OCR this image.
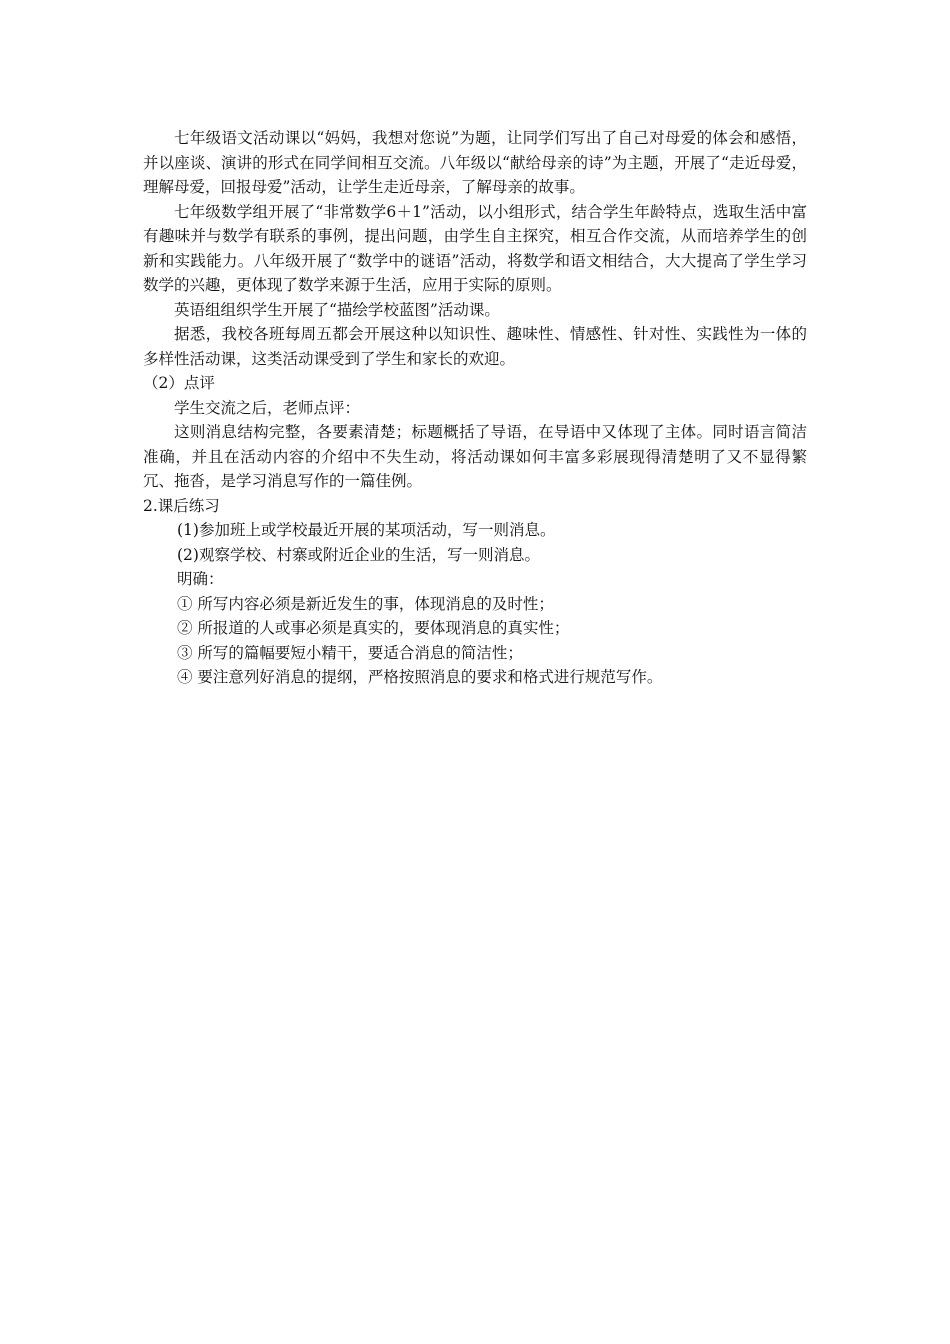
七年级语文活动课以“妈妈，我想对您说”为题，让同学们写出了自己对母爱的体会和感悟，并以座谈、演讲的形式在同学间相互交流。八年级以“献给母亲的诗”为主题，开展了“走近母爱，理解母爱，回报母爱”活动，让学生走近母亲，了解母亲的故事。

七年级数学组开展了“非常数学6＋1”活动，以小组形式，结合学生年龄特点，选取生活中富有趣味并与数学有联系的事例，提出问题，由学生自主探究，相互合作交流，从而培养学生的创新和实践能力。八年级开展了“数学中的谜语”活动，将数学和语文相结合，大大提高了学生学习数学的兴趣，更体现了数学来源于生活，应用于实际的原则。

英语组组织学生开展了“描绘学校蓝图”活动课。

据悉，我校各班每周五都会开展这种以知识性、趣味性、情感性、针对性、实践性为一体的多样性活动课，这类活动课受到了学生和家长的欢迎。

（2）点评

学生交流之后，老师点评：

这则消息结构完整，各要素清楚；标题概括了导语，在导语中又体现了主体。同时语言简洁准确，并且在活动内容的介绍中不失生动，将活动课如何丰富多彩展现得清楚明了又不显得繁冗、拖沓，是学习消息写作的一篇佳例。

2.课后练习

(1)参加班上或学校最近开展的某项活动，写一则消息。

(2)观察学校、村寨或附近企业的生活，写一则消息。

明确：

① 所写内容必须是新近发生的事，体现消息的及时性；

② 所报道的人或事必须是真实的，要体现消息的真实性；

③ 所写的篇幅要短小精干，要适合消息的简洁性；

④ 要注意列好消息的提纲，严格按照消息的要求和格式进行规范写作。
